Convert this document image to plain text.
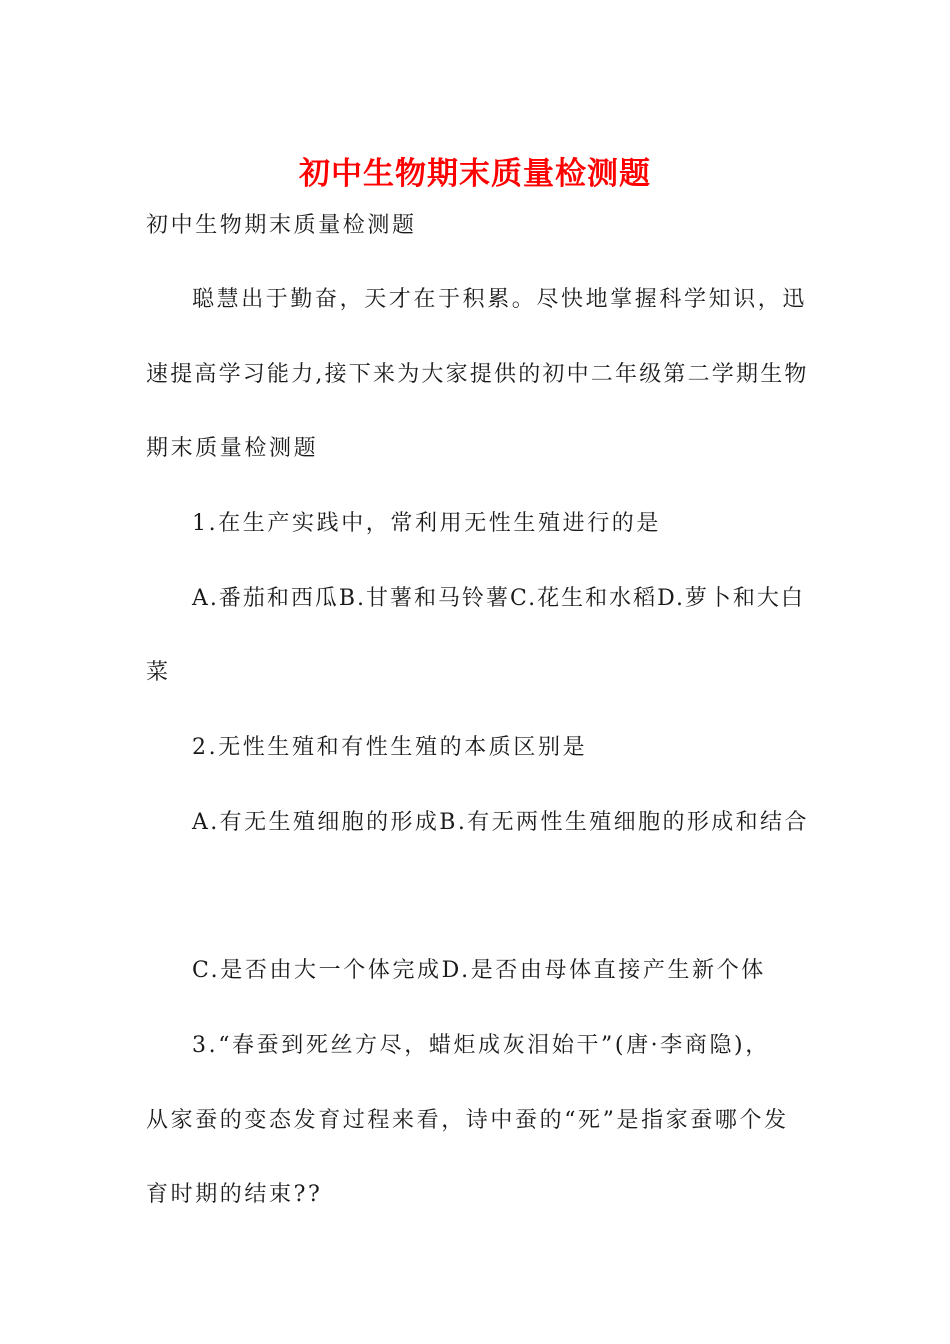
初中生物期末质量检测题

初中生物期末质量检测题

聪慧出于勤奋，天才在于积累。尽快地掌握科学知识，迅

速提高学习能力,接下来为大家提供的初中二年级第二学期生物

期末质量检测题

1.在生产实践中，常利用无性生殖进行的是

A.番茄和西瓜B.甘薯和马铃薯C.花生和水稻D.萝卜和大白

菜

2.无性生殖和有性生殖的本质区别是

A.有无生殖细胞的形成B.有无两性生殖细胞的形成和结合

C.是否由大一个体完成D.是否由母体直接产生新个体

3.“春蚕到死丝方尽，蜡炬成灰泪始干”(唐·李商隐)，

从家蚕的变态发育过程来看，诗中蚕的“死”是指家蚕哪个发

育时期的结束??
